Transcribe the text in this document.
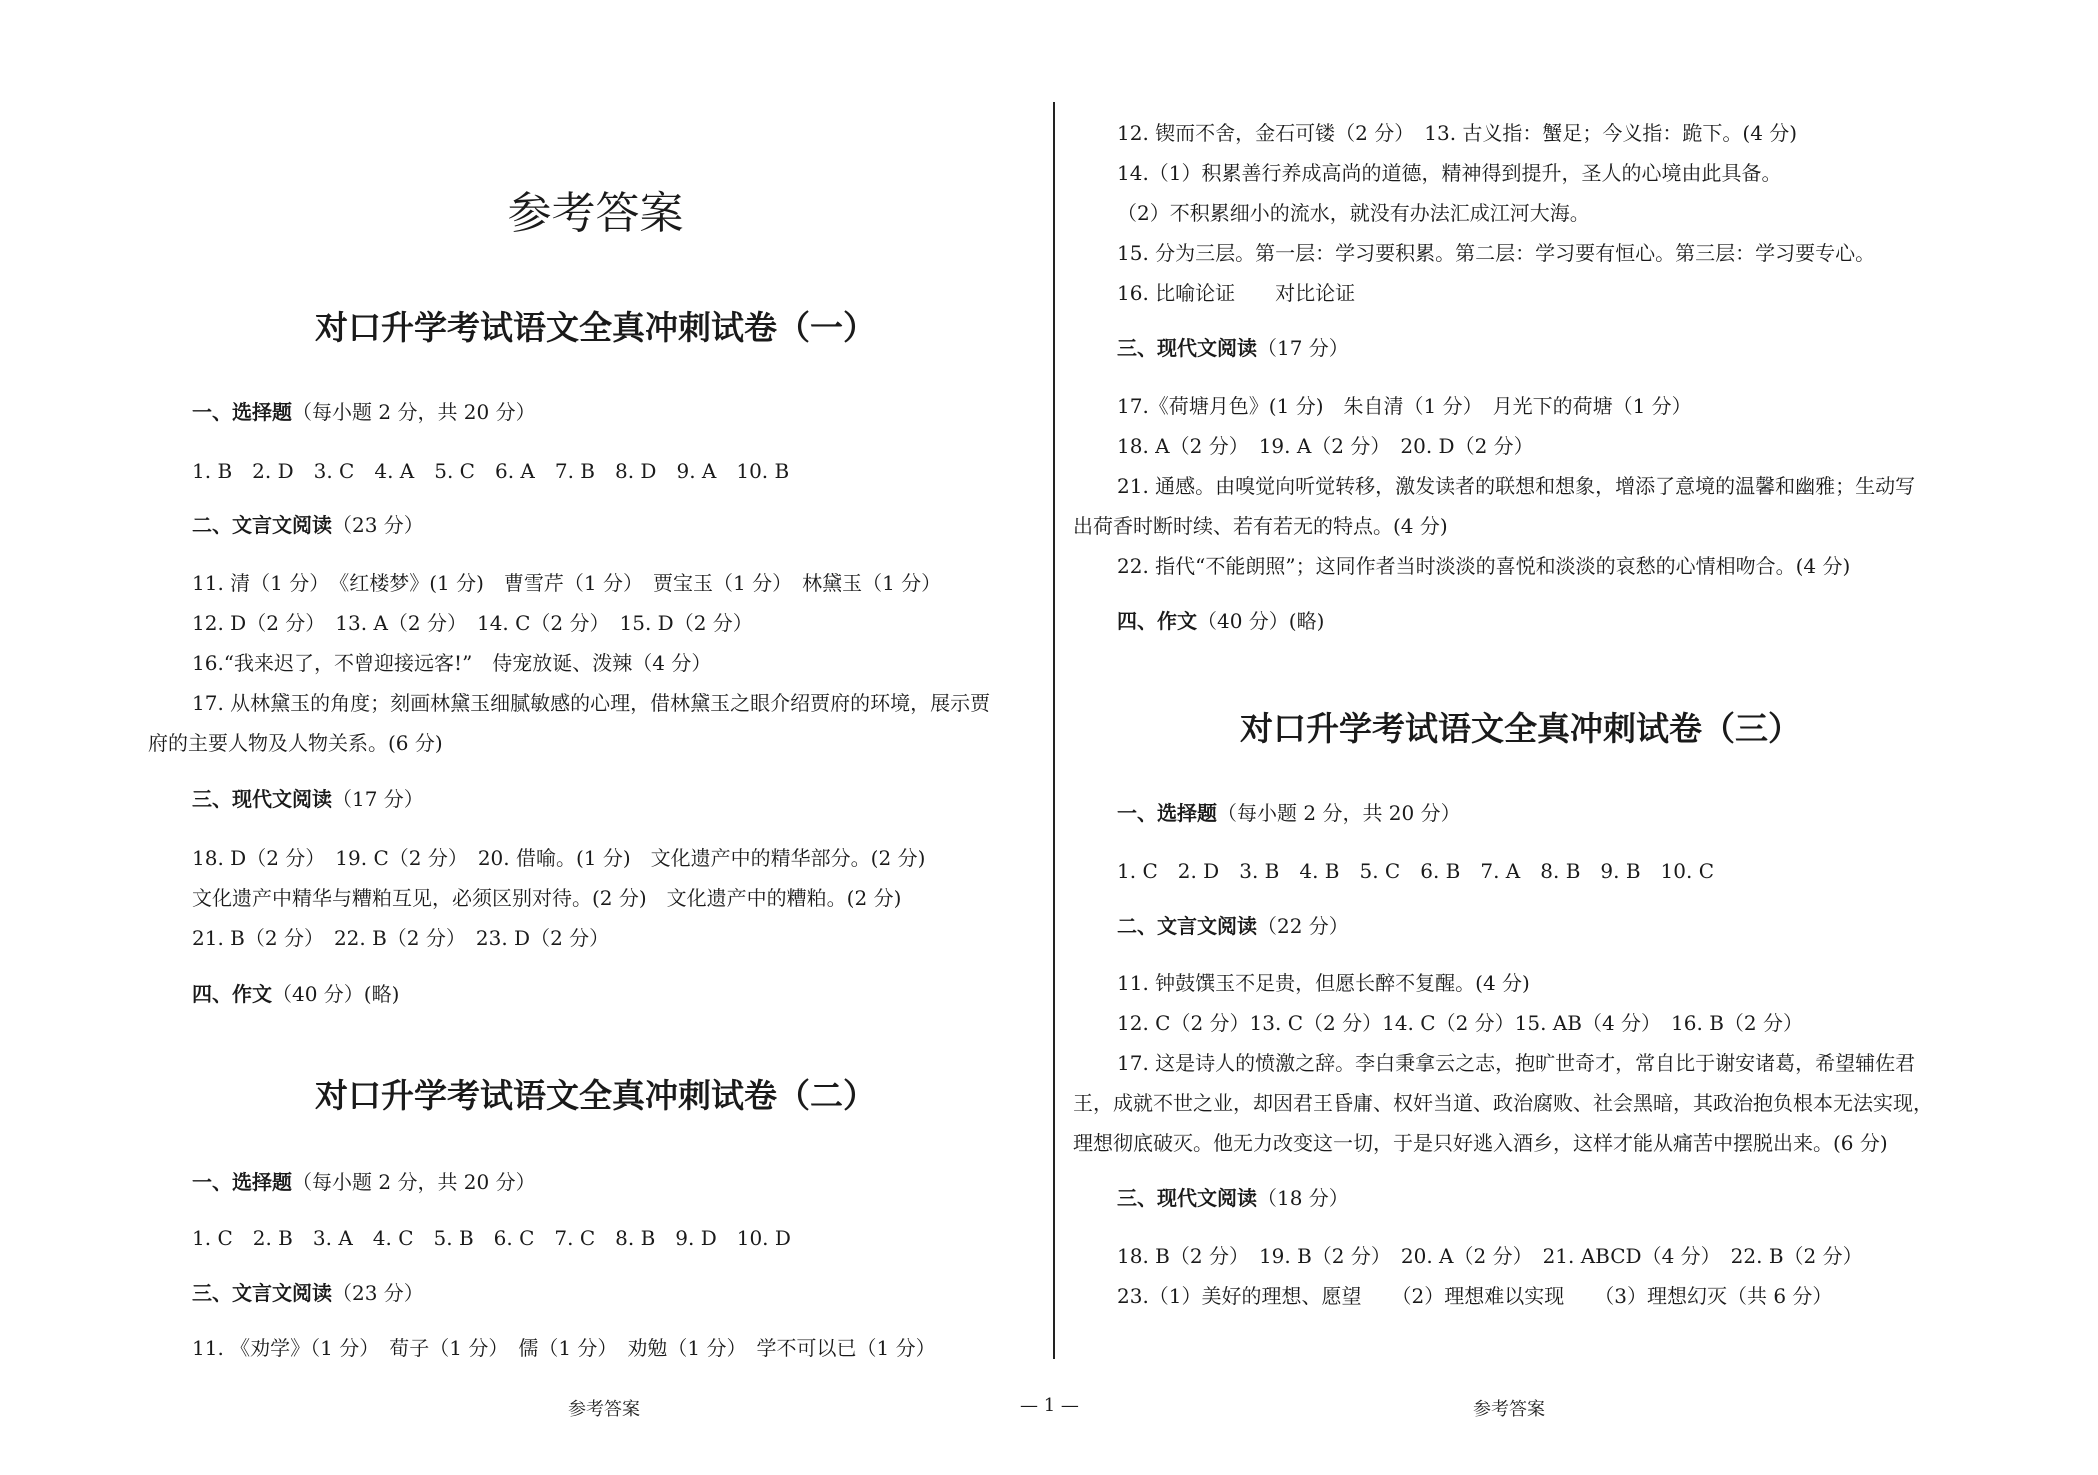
参考答案
对口升学考试语文全真冲刺试卷（一）
一、选择题（每小题 2 分，共 20 分）
1. B　2. D　3. C　4. A　5. C　6. A　7. B　8. D　9. A　10. B
二、文言文阅读（23 分）
11. 清（1 分）　《红楼梦》(1 分)　曹雪芹（1 分）　贾宝玉（1 分）　林黛玉（1 分）
12. D（2 分）　13. A（2 分）　14. C（2 分）　15. D（2 分）
16.“我来迟了，不曾迎接远客!”　侍宠放诞、泼辣（4 分）
17. 从林黛玉的角度；刻画林黛玉细腻敏感的心理，借林黛玉之眼介绍贾府的环境，展示贾
府的主要人物及人物关系。(6 分)
三、现代文阅读（17 分）
18. D（2 分）　19. C（2 分）　20. 借喻。(1 分)　文化遗产中的精华部分。(2 分)
文化遗产中精华与糟粕互见，必须区别对待。(2 分)　文化遗产中的糟粕。(2 分)
21. B（2 分）　22. B（2 分）　23. D（2 分）
四、作文（40 分）(略)
对口升学考试语文全真冲刺试卷（二）
一、选择题（每小题 2 分，共 20 分）
1. C　2. B　3. A　4. C　5. B　6. C　7. C　8. B　9. D　10. D
三、文言文阅读（23 分）
11. 《劝学》（1 分）　荀子（1 分）　儒（1 分）　劝勉（1 分）　学不可以已（1 分）
12. 锲而不舍，金石可镂（2 分）　13. 古义指：蟹足；今义指：跪下。(4 分)
14.（1）积累善行养成高尚的道德，精神得到提升，圣人的心境由此具备。
（2）不积累细小的流水，就没有办法汇成江河大海。
15. 分为三层。第一层：学习要积累。第二层：学习要有恒心。第三层：学习要专心。
16. 比喻论证　　对比论证
三、现代文阅读（17 分）
17.《荷塘月色》(1 分)　朱自清（1 分）　月光下的荷塘（1 分）
18. A（2 分）　19. A（2 分）　20. D（2 分）
21. 通感。由嗅觉向听觉转移，激发读者的联想和想象，增添了意境的温馨和幽雅；生动写
出荷香时断时续、若有若无的特点。(4 分)
22. 指代“不能朗照”；这同作者当时淡淡的喜悦和淡淡的哀愁的心情相吻合。(4 分)
四、作文（40 分）(略)
对口升学考试语文全真冲刺试卷（三）
一、选择题（每小题 2 分，共 20 分）
1. C　2. D　3. B　4. B　5. C　6. B　7. A　8. B　9. B　10. C
二、文言文阅读（22 分）
11. 钟鼓馔玉不足贵，但愿长醉不复醒。(4 分)
12. C（2 分）13. C（2 分）14. C（2 分）15. AB（4 分）　16. B（2 分）
17. 这是诗人的愤激之辞。李白秉拿云之志，抱旷世奇才，常自比于谢安诸葛，希望辅佐君
王，成就不世之业，却因君王昏庸、权奸当道、政治腐败、社会黑暗，其政治抱负根本无法实现，
理想彻底破灭。他无力改变这一切，于是只好逃入酒乡，这样才能从痛苦中摆脱出来。(6 分)
三、现代文阅读（18 分）
18. B（2 分）　19. B（2 分）　20. A（2 分）　21. ABCD（4 分）　22. B（2 分）
23.（1）美好的理想、愿望　　（2）理想难以实现　　（3）理想幻灭（共 6 分）
参考答案	— 1 —	参考答案
